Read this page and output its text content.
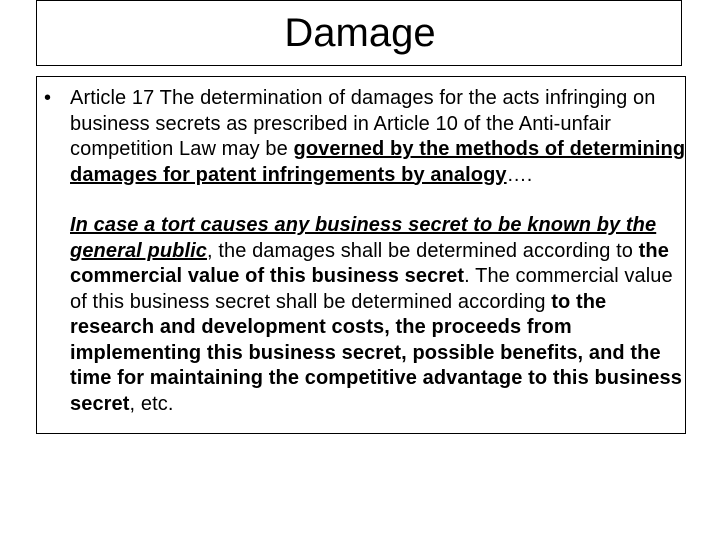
Damage
• Article 17 The determination of damages for the acts infringing on business secrets as prescribed in Article 10 of the Anti-unfair competition Law may be governed by the methods of determining damages for patent infringements by analogy….

In case a tort causes any business secret to be known by the general public, the damages shall be determined according to the commercial value of this business secret. The commercial value of this business secret shall be determined according to the research and development costs, the proceeds from implementing this business secret, possible benefits, and the time for maintaining the competitive advantage to this business secret, etc.
